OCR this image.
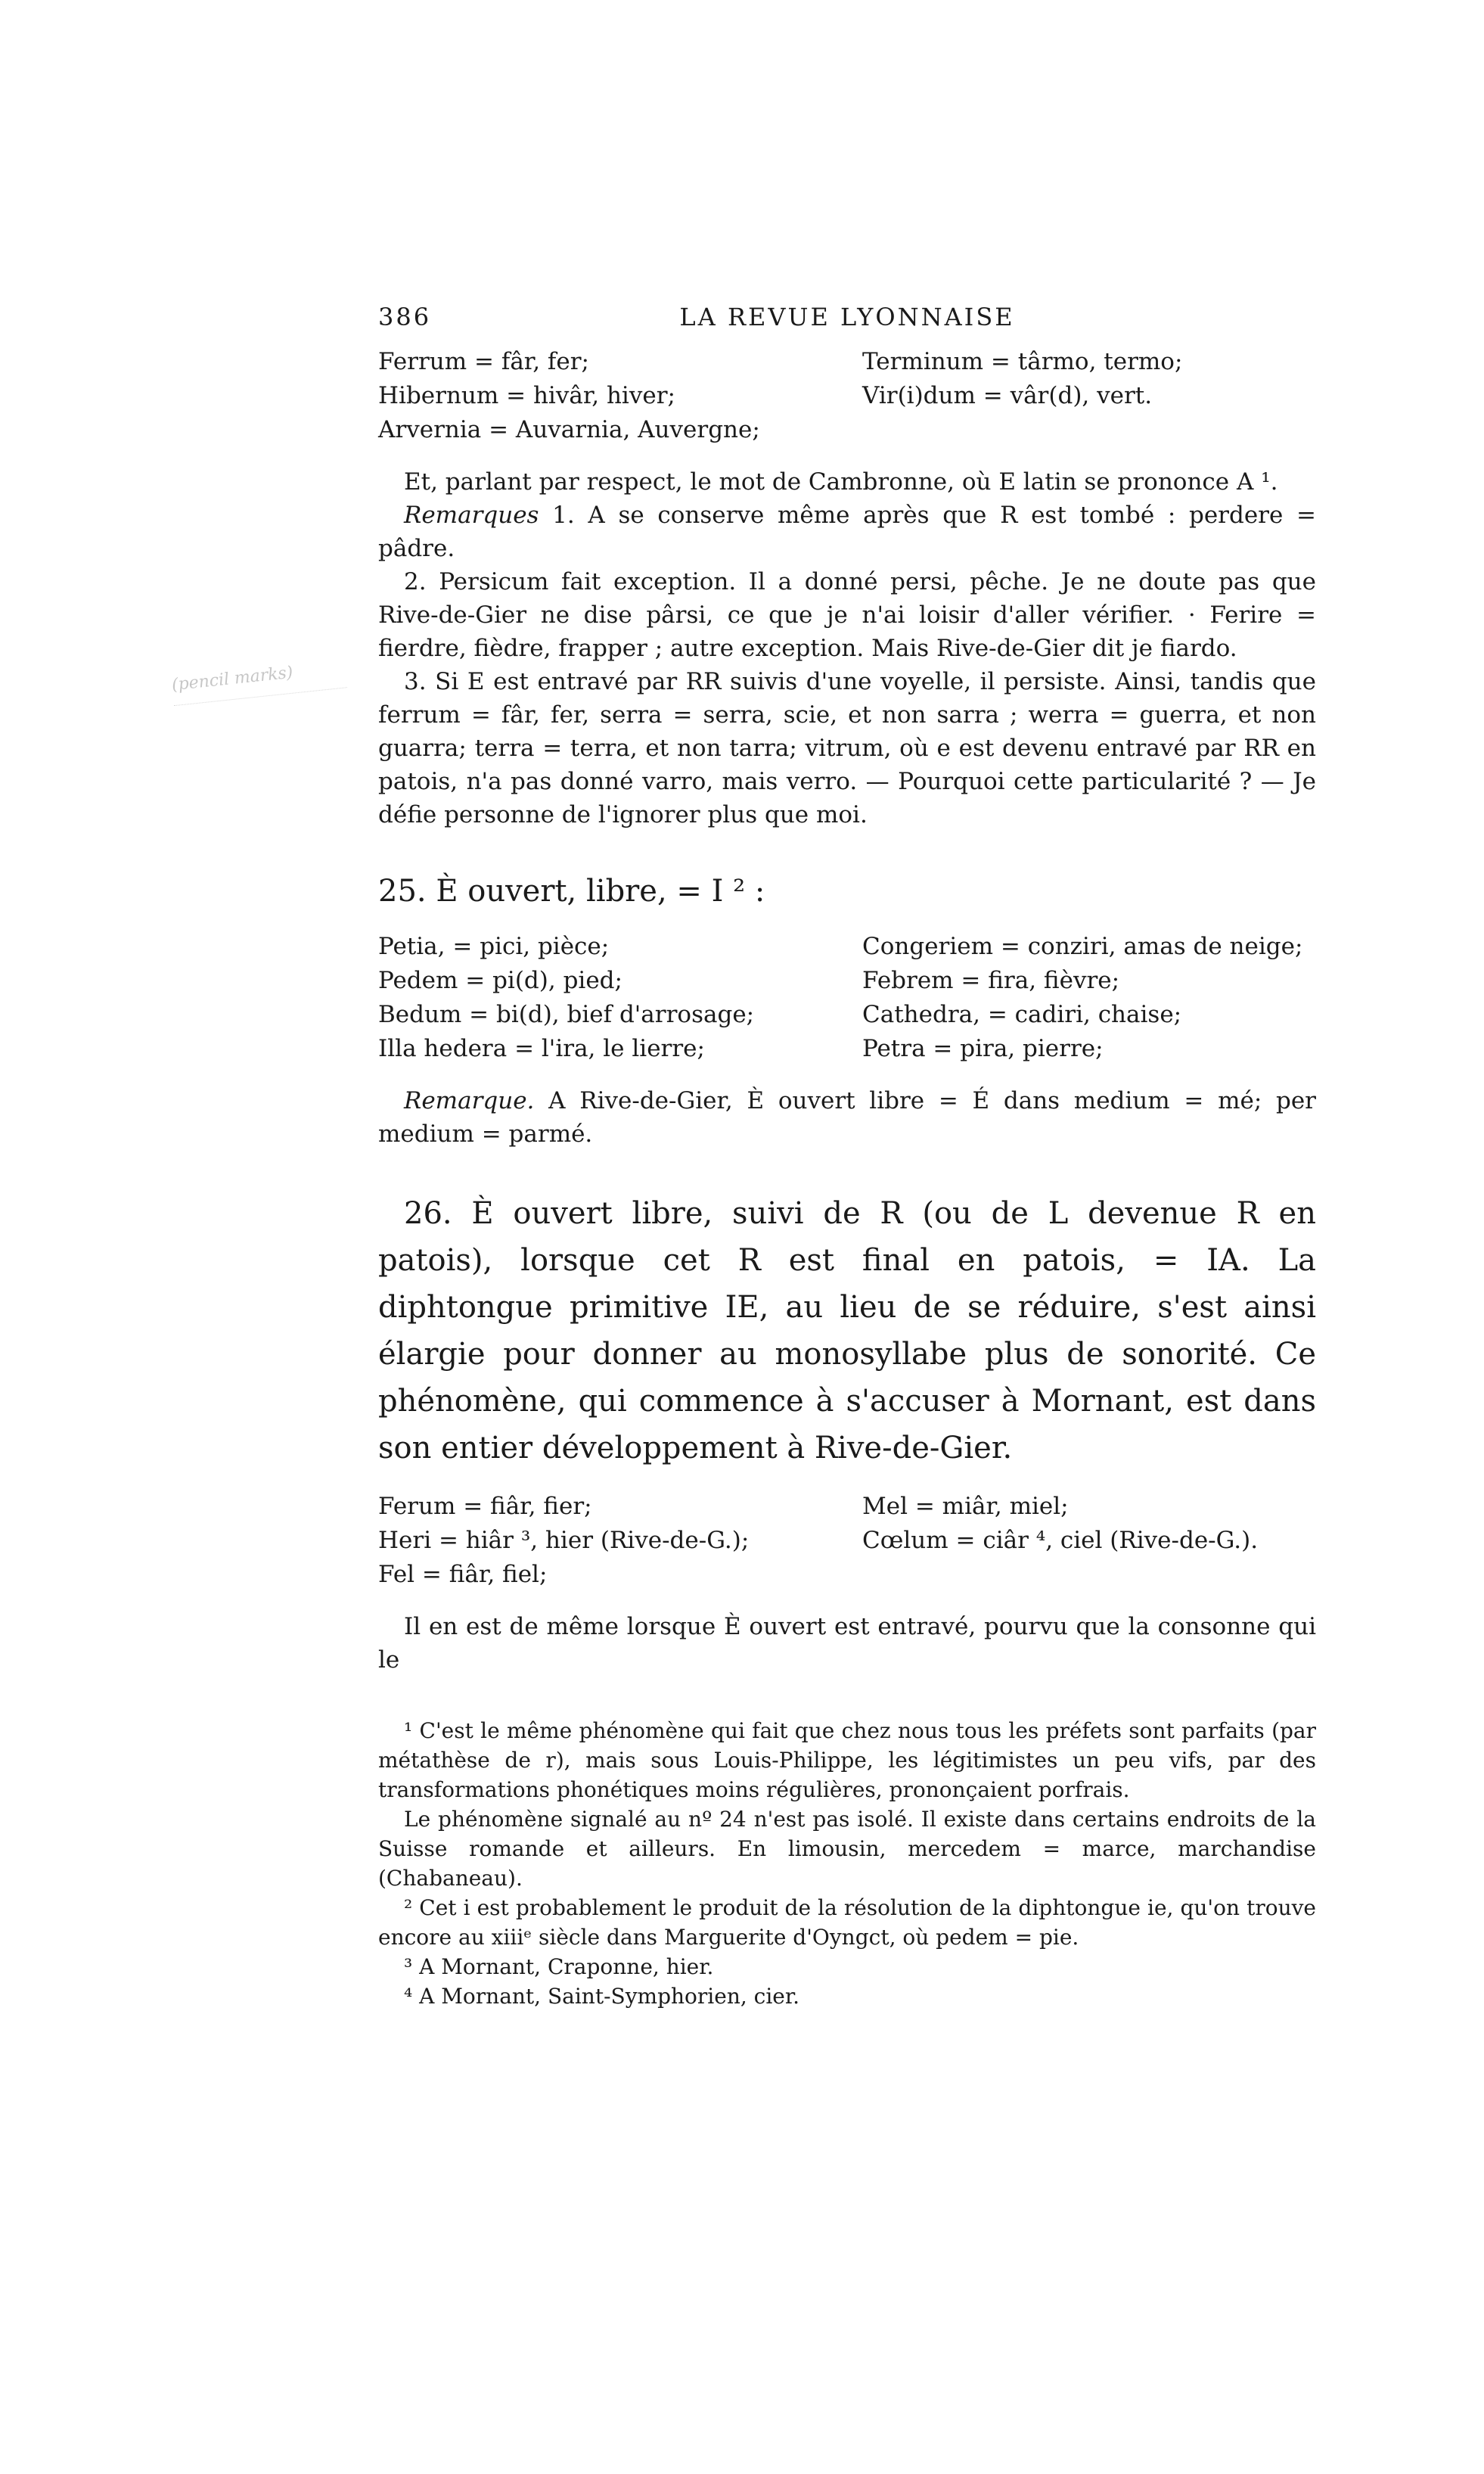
(pencil marks)
386	LA REVUE LYONNAISE
Ferrum = fâr, fer;	Terminum = târmo, termo;
Hibernum = hivâr, hiver;	Vir(i)dum = vâr(d), vert.
Arvernia = Auvarnia, Auvergne;

Et, parlant par respect, le mot de Cambronne, où E latin se prononce A ¹.

Remarques 1. A se conserve même après que R est tombé : perdere = pâdre.

2. Persicum fait exception. Il a donné persi, pêche. Je ne doute pas que Rive-de-Gier ne dise pârsi, ce que je n'ai loisir d'aller vérifier. · Ferire = fierdre, fièdre, frapper ; autre exception. Mais Rive-de-Gier dit je fiardo.

3. Si E est entravé par RR suivis d'une voyelle, il persiste. Ainsi, tandis que ferrum = fâr, fer, serra = serra, scie, et non sarra ; werra = guerra, et non guarra; terra = terra, et non tarra; vitrum, où e est devenu entravé par RR en patois, n'a pas donné varro, mais verro. — Pourquoi cette particularité ? — Je défie personne de l'ignorer plus que moi.

25. È ouvert, libre, = I ² :

Petia, = pici, pièce;	Congeriem = conziri, amas de neige;
Pedem = pi(d), pied;	Febrem = fira, fièvre;
Bedum = bi(d), bief d'arrosage;	Cathedra, = cadiri, chaise;
Illa hedera = l'ira, le lierre;	Petra = pira, pierre;

Remarque. A Rive-de-Gier, È ouvert libre = É dans medium = mé; per medium = parmé.

26. È ouvert libre, suivi de R (ou de L devenue R en patois), lorsque cet R est final en patois, = IA. La diphtongue primitive IE, au lieu de se réduire, s'est ainsi élargie pour donner au monosyllabe plus de sonorité. Ce phénomène, qui commence à s'accuser à Mornant, est dans son entier développement à Rive-de-Gier.

Ferum = fiâr, fier;	Mel = miâr, miel;
Heri = hiâr ³, hier (Rive-de-G.);	Cœlum = ciâr ⁴, ciel (Rive-de-G.).
Fel = fiâr, fiel;

Il en est de même lorsque È ouvert est entravé, pourvu que la consonne qui le

¹ C'est le même phénomène qui fait que chez nous tous les préfets sont parfaits (par métathèse de r), mais sous Louis-Philippe, les légitimistes un peu vifs, par des transformations phonétiques moins régulières, prononçaient porfrais.

Le phénomène signalé au nº 24 n'est pas isolé. Il existe dans certains endroits de la Suisse romande et ailleurs. En limousin, mercedem = marce, marchandise (Chabaneau).

² Cet i est probablement le produit de la résolution de la diphtongue ie, qu'on trouve encore au xiiiᵉ siècle dans Marguerite d'Oyngct, où pedem = pie.

³ A Mornant, Craponne, hier.

⁴ A Mornant, Saint-Symphorien, cier.
